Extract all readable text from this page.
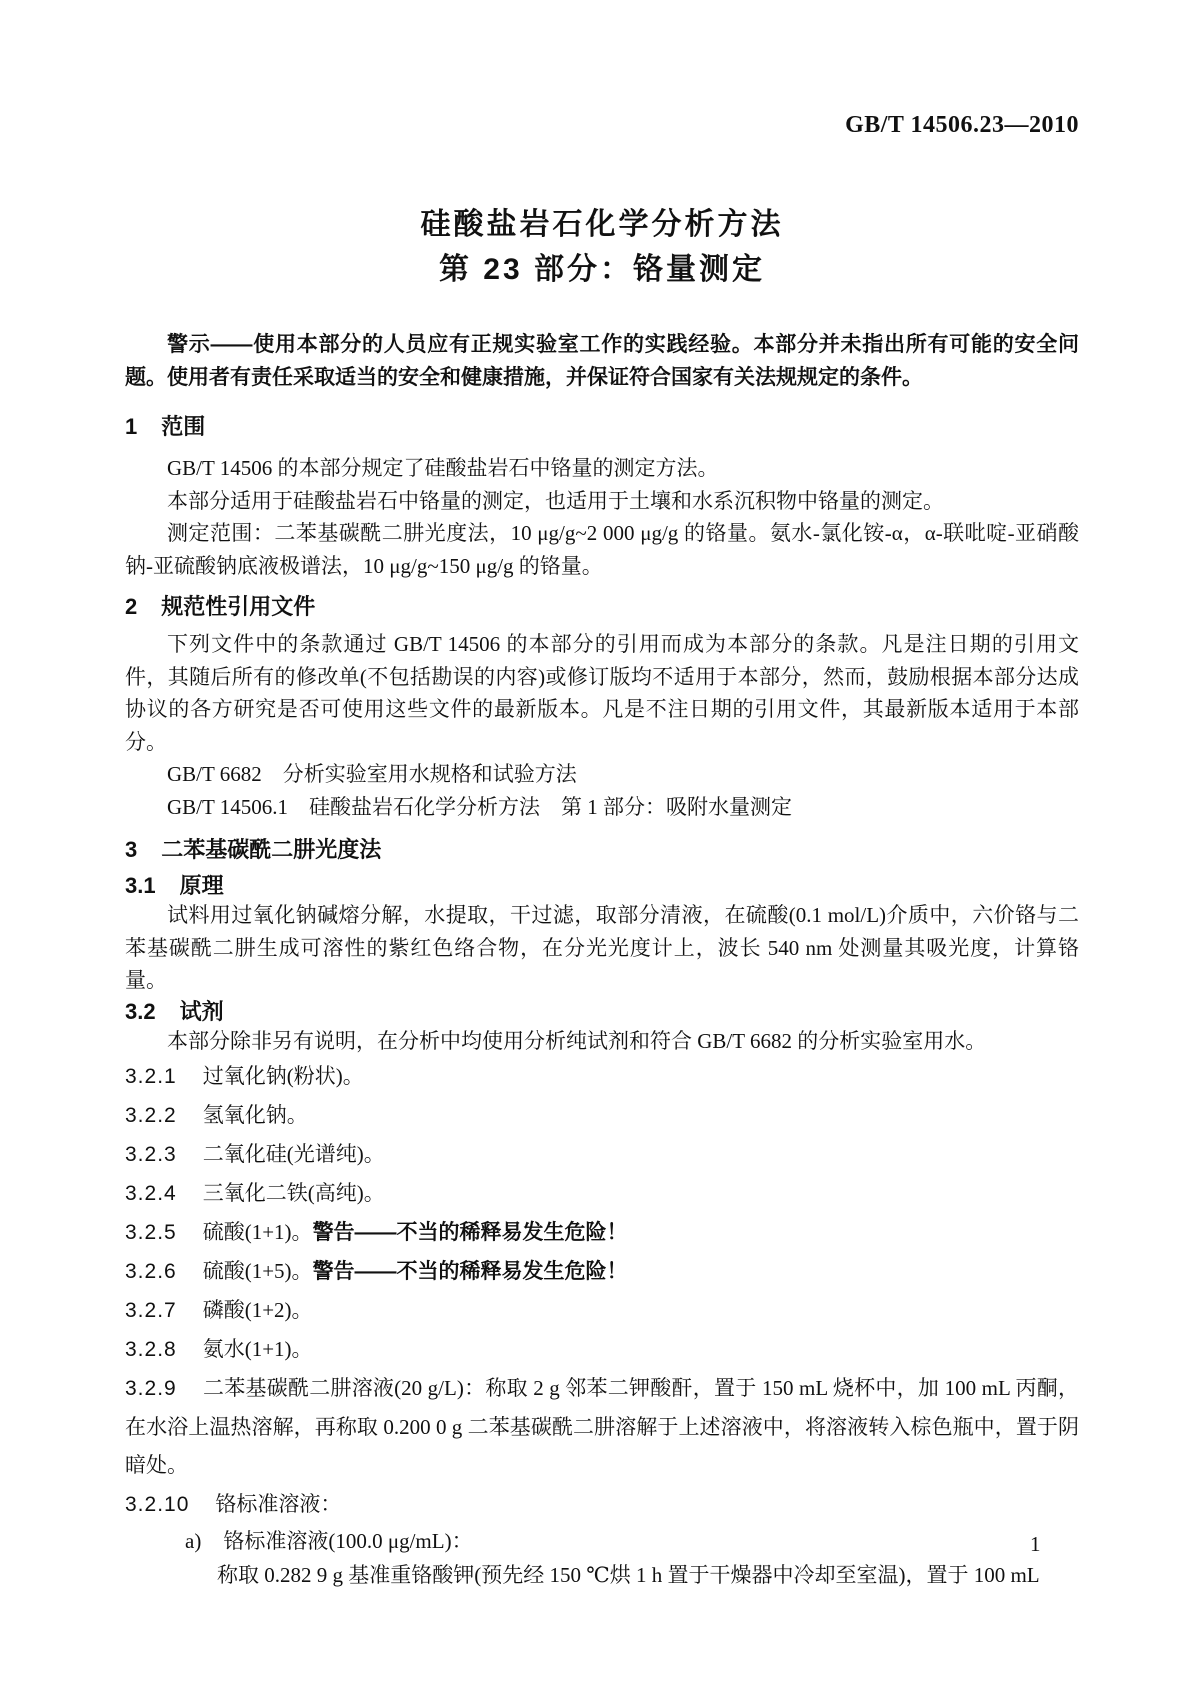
GB/T 14506.23—2010
硅酸盐岩石化学分析方法
第 23 部分：铬量测定

警示——使用本部分的人员应有正规实验室工作的实践经验。本部分并未指出所有可能的安全问题。使用者有责任采取适当的安全和健康措施，并保证符合国家有关法规规定的条件。

1 范围

GB/T 14506 的本部分规定了硅酸盐岩石中铬量的测定方法。

本部分适用于硅酸盐岩石中铬量的测定，也适用于土壤和水系沉积物中铬量的测定。

测定范围：二苯基碳酰二肼光度法，10 μg/g~2 000 μg/g 的铬量。氨水-氯化铵-α，α-联吡啶-亚硝酸钠-亚硫酸钠底液极谱法，10 μg/g~150 μg/g 的铬量。

2 规范性引用文件

下列文件中的条款通过 GB/T 14506 的本部分的引用而成为本部分的条款。凡是注日期的引用文件，其随后所有的修改单(不包括勘误的内容)或修订版均不适用于本部分，然而，鼓励根据本部分达成协议的各方研究是否可使用这些文件的最新版本。凡是不注日期的引用文件，其最新版本适用于本部分。

GB/T 6682　分析实验室用水规格和试验方法

GB/T 14506.1　硅酸盐岩石化学分析方法　第 1 部分：吸附水量测定

3 二苯基碳酰二肼光度法
3.1 原理

试料用过氧化钠碱熔分解，水提取，干过滤，取部分清液，在硫酸(0.1 mol/L)介质中，六价铬与二苯基碳酰二肼生成可溶性的紫红色络合物，在分光光度计上，波长 540 nm 处测量其吸光度，计算铬量。

3.2 试剂

本部分除非另有说明，在分析中均使用分析纯试剂和符合 GB/T 6682 的分析实验室用水。

3.2.1 过氧化钠(粉状)。

3.2.2 氢氧化钠。

3.2.3 二氧化硅(光谱纯)。

3.2.4 三氧化二铁(高纯)。

3.2.5 硫酸(1+1)。警告——不当的稀释易发生危险！

3.2.6 硫酸(1+5)。警告——不当的稀释易发生危险！

3.2.7 磷酸(1+2)。

3.2.8 氨水(1+1)。

3.2.9 二苯基碳酰二肼溶液(20 g/L)：称取 2 g 邻苯二钾酸酐，置于 150 mL 烧杯中，加 100 mL 丙酮，在水浴上温热溶解，再称取 0.200 0 g 二苯基碳酰二肼溶解于上述溶液中，将溶液转入棕色瓶中，置于阴暗处。

3.2.10 铬标准溶液：

a) 铬标准溶液(100.0 μg/mL)：

称取 0.282 9 g 基准重铬酸钾(预先经 150 ℃烘 1 h 置于干燥器中冷却至室温)，置于 100 mL

1
